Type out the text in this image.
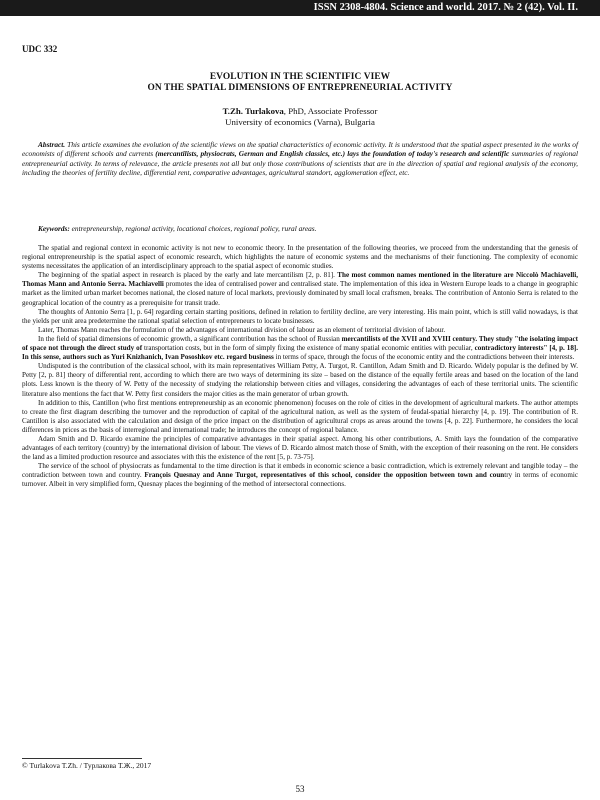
ISSN 2308-4804. Science and world. 2017. № 2 (42). Vol. II.
UDC 332
EVOLUTION IN THE SCIENTIFIC VIEW
ON THE SPATIAL DIMENSIONS OF ENTREPRENEURIAL ACTIVITY
T.Zh. Turlakova, PhD, Associate Professor
University of economics (Varna), Bulgaria
Abstract. This article examines the evolution of the scientific views on the spatial characteristics of economic activity. It is understood that the spatial aspect presented in the works of economists of different schools and currents (mercantilists, physiocrats, German and English classics, etc.) lays the foundation of today's research and scientific summaries of regional entrepreneurial activity. In terms of relevance, the article presents not all but only those contributions of scientists that are in the direction of spatial and regional analysis of the economy, including the theories of fertility decline, differential rent, comparative advantages, agricultural standort, agglomeration effect, etc.
Keywords: entrepreneurship, regional activity, locational choices, regional policy, rural areas.

The spatial and regional context in economic activity is not new to economic theory. In the presentation of the following theories, we proceed from the understanding that the genesis of regional entrepreneurship is the spatial aspect of economic research, which highlights the nature of economic systems and the mechanisms of their functioning. The complexity of economic systems necessitates the application of an interdisciplinary approach to the spatial aspect of economic studies.

The beginning of the spatial aspect in research is placed by the early and late mercantilism [2, p. 81]. The most common names mentioned in the literature are Niccolò Machiavelli, Thomas Mann and Antonio Serra. Machiavelli promotes the idea of centralised power and centralised state. The implementation of this idea in Western Europe leads to a change in geographic market as the limited urban market becomes national, the closed nature of local markets, previously dominated by small local craftsmen, breaks. The contribution of Antonio Serra is related to the geographical location of the country as a prerequisite for transit trade.

The thoughts of Antonio Serra [1, p. 64] regarding certain starting positions, defined in relation to fertility decline, are very interesting. His main point, which is still valid nowadays, is that the yields per unit area predetermine the rational spatial selection of entrepreneurs to locate businesses.

Later, Thomas Mann reaches the formulation of the advantages of international division of labour as an element of territorial division of labour.

In the field of spatial dimensions of economic growth, a significant contribution has the school of Russian mercantilists of the XVII and XVIII century. They study "the isolating impact of space not through the direct study of transportation costs, but in the form of simply fixing the existence of many spatial economic entities with peculiar, contradictory interests" [4, p. 18]. In this sense, authors such as Yuri Knizhanich, Ivan Pososhkov etc. regard business in terms of space, through the focus of the economic entity and the contradictions between their interests.

Undisputed is the contribution of the classical school, with its main representatives William Petty, A. Turgot, R. Cantillon, Adam Smith and D. Ricardo. Widely popular is the defined by W. Petty [2, p. 81] theory of differential rent, according to which there are two ways of determining its size – based on the distance of the equally fertile areas and based on the location of the land plots. Less known is the theory of W. Petty of the necessity of studying the relationship between cities and villages, considering the advantages of each of these territorial units. The scientific literature also mentions the fact that W. Petty first considers the major cities as the main generator of urban growth.

In addition to this, Cantillon (who first mentions entrepreneurship as an economic phenomenon) focuses on the role of cities in the development of agricultural markets. The author attempts to create the first diagram describing the turnover and the reproduction of capital of the agricultural nation, as well as the system of feudal-spatial hierarchy [4, p. 19]. The contribution of R. Cantillon is also associated with the calculation and design of the price impact on the distribution of agricultural crops as areas around the towns [4, p. 22]. Furthermore, he considers the local differences in prices as the basis of interregional and international trade; he introduces the concept of regional balance.

Adam Smith and D. Ricardo examine the principles of comparative advantages in their spatial aspect. Among his other contributions, A. Smith lays the foundation of the comparative advantages of each territory (country) by the international division of labour. The views of D. Ricardo almost match those of Smith, with the exception of their reasoning on the rent. He considers the land as a limited production resource and associates with this the existence of the rent [5, p. 73-75].

The service of the school of physiocrats as fundamental to the time direction is that it embeds in economic science a basic contradiction, which is extremely relevant and tangible today – the contradiction between town and country. François Quesnay and Anne Turgot, representatives of this school, consider the opposition between town and country in terms of economic turnover. Albeit in very simplified form, Quesnay places the beginning of the method of intersectoral connections.

© Turlakova T.Zh. / Турлакова Т.Ж., 2017
53
